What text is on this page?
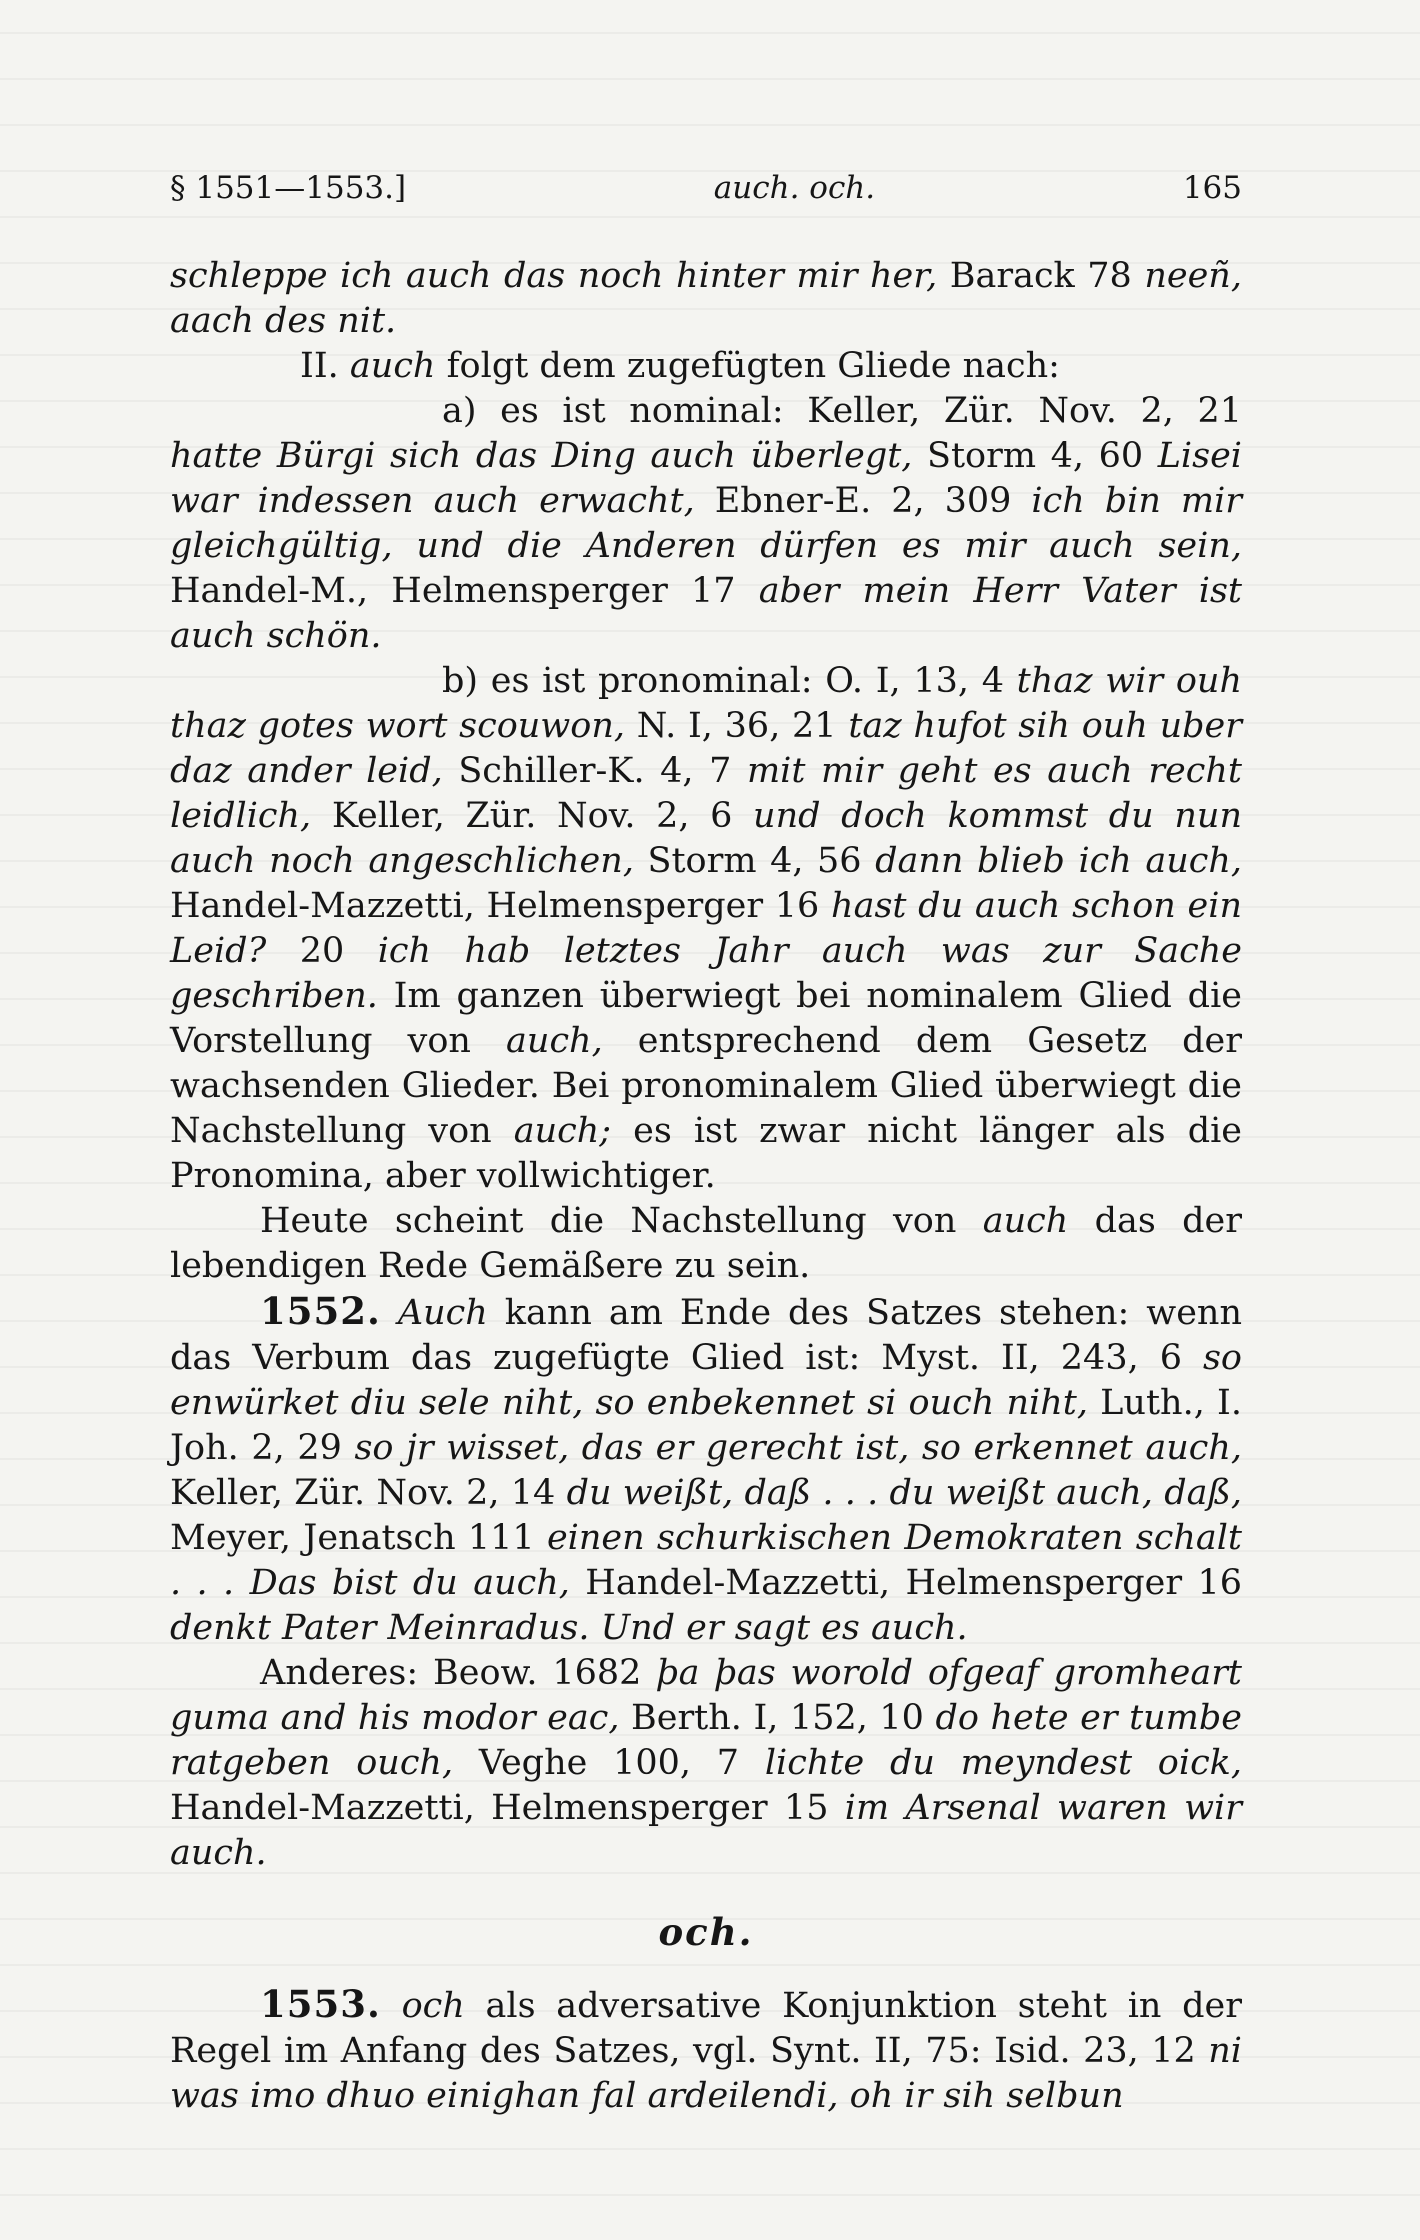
§ 1551—1553.]	auch. och.	165

schleppe ich auch das noch hinter mir her, Barack 78 neeñ, aach des nit.

II. auch folgt dem zugefügten Gliede nach:

a) es ist nominal: Keller, Zür. Nov. 2, 21 hatte Bürgi sich das Ding auch überlegt, Storm 4, 60 Lisei war indessen auch erwacht, Ebner-E. 2, 309 ich bin mir gleichgültig, und die Anderen dürfen es mir auch sein, Handel-M., Helmensperger 17 aber mein Herr Vater ist auch schön.

b) es ist pronominal: O. I, 13, 4 thaz wir ouh thaz gotes wort scouwon, N. I, 36, 21 taz hufot sih ouh uber daz ander leid, Schiller-K. 4, 7 mit mir geht es auch recht leidlich, Keller, Zür. Nov. 2, 6 und doch kommst du nun auch noch angeschlichen, Storm 4, 56 dann blieb ich auch, Handel-Mazzetti, Helmensperger 16 hast du auch schon ein Leid? 20 ich hab letztes Jahr auch was zur Sache geschriben. Im ganzen überwiegt bei nominalem Glied die Vorstellung von auch, entsprechend dem Gesetz der wachsenden Glieder. Bei pronominalem Glied überwiegt die Nachstellung von auch; es ist zwar nicht länger als die Pronomina, aber vollwichtiger.

Heute scheint die Nachstellung von auch das der lebendigen Rede Gemäßere zu sein.

1552. Auch kann am Ende des Satzes stehen: wenn das Verbum das zugefügte Glied ist: Myst. II, 243, 6 so enwürket diu sele niht, so enbekennet si ouch niht, Luth., I. Joh. 2, 29 so jr wisset, das er gerecht ist, so erkennet auch, Keller, Zür. Nov. 2, 14 du weißt, daß . . . du weißt auch, daß, Meyer, Jenatsch 111 einen schurkischen Demokraten schalt . . . Das bist du auch, Handel-Mazzetti, Helmensperger 16 denkt Pater Meinradus. Und er sagt es auch.

Anderes: Beow. 1682 þa þas worold ofgeaf gromheart guma and his modor eac, Berth. I, 152, 10 do hete er tumbe ratgeben ouch, Veghe 100, 7 lichte du meyndest oick, Handel-Mazzetti, Helmensperger 15 im Arsenal waren wir auch.

och.

1553. och als adversative Konjunktion steht in der Regel im Anfang des Satzes, vgl. Synt. II, 75: Isid. 23, 12 ni was imo dhuo einighan fal ardeilendi, oh ir sih selbun
